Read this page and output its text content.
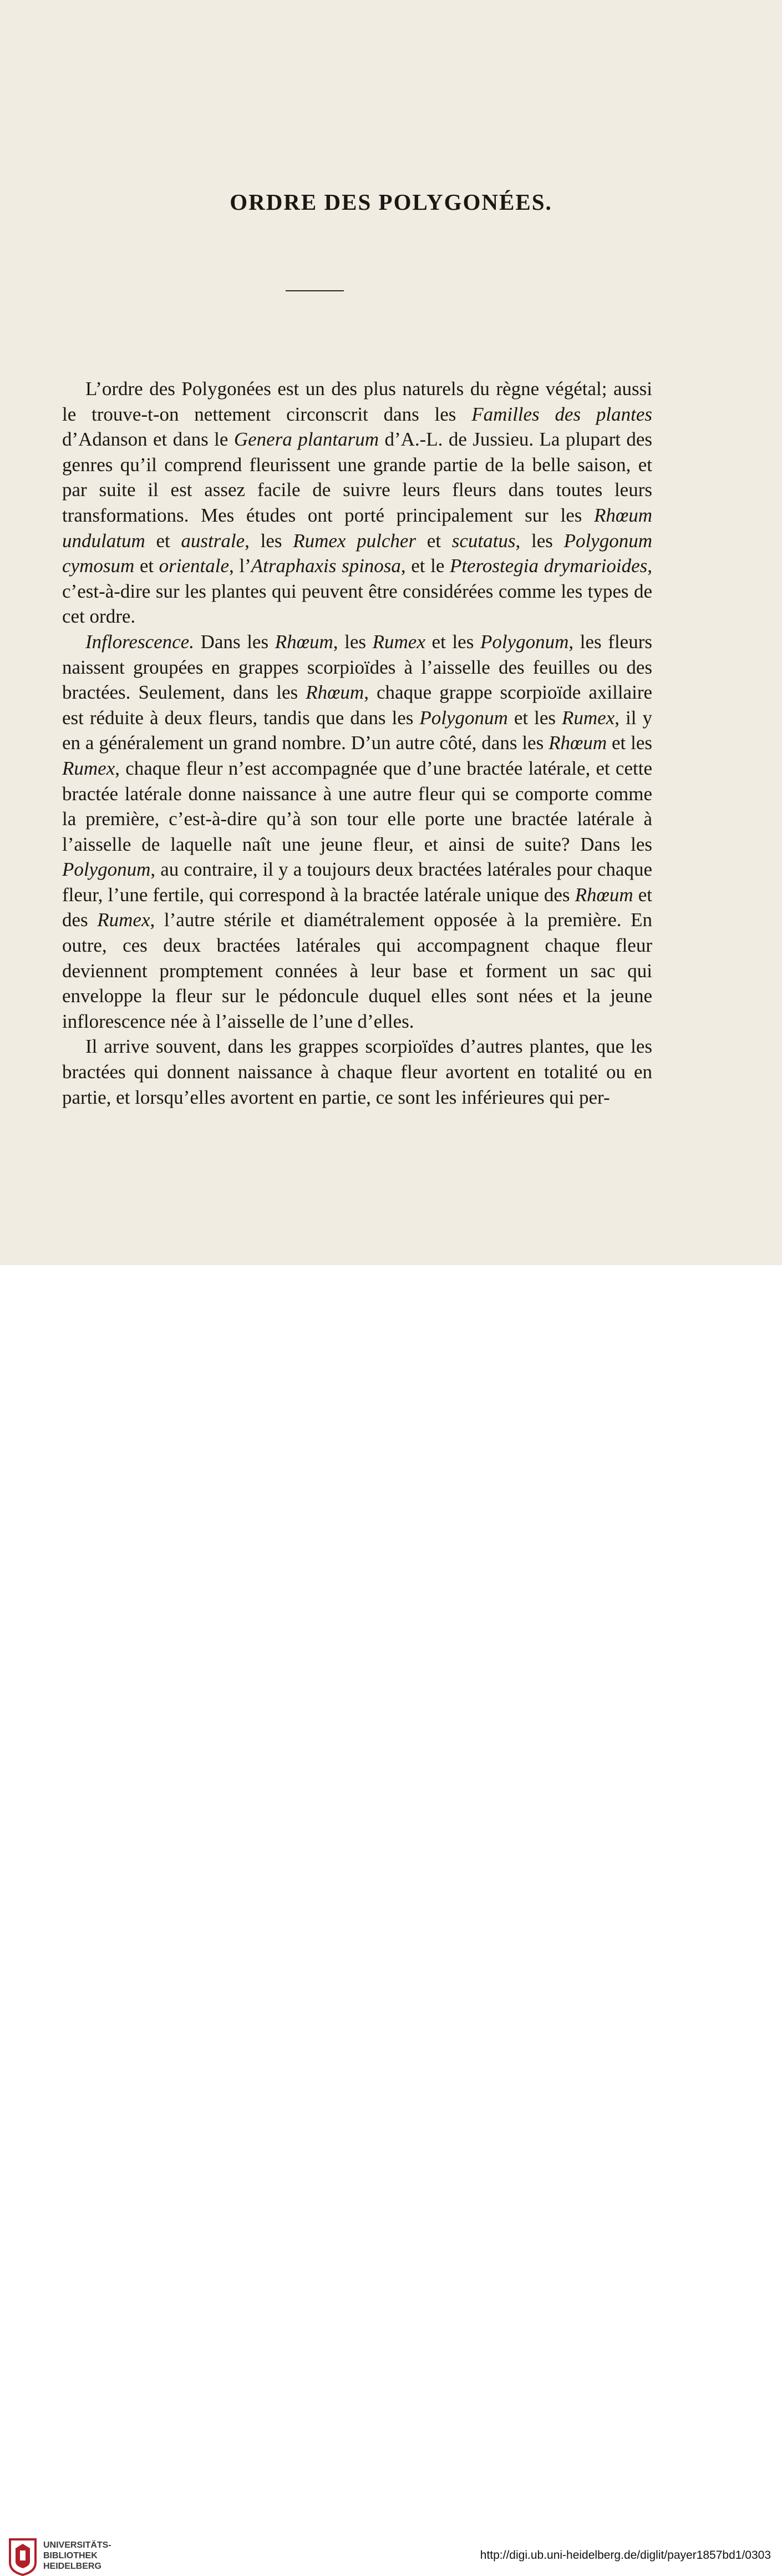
ORDRE DES POLYGONÉES.

L’ordre des Polygonées est un des plus naturels du règne végétal; aussi le trouve-t-on nettement circonscrit dans les Familles des plantes d’Adanson et dans le Genera plantarum d’A.-L. de Jussieu. La plupart des genres qu’il comprend fleurissent une grande partie de la belle saison, et par suite il est assez facile de suivre leurs fleurs dans toutes leurs transformations. Mes études ont porté principalement sur les Rhœum undulatum et australe, les Rumex pulcher et scutatus, les Polygonum cymosum et orientale, l’Atraphaxis spinosa, et le Pterostegia drymarioides, c’est-à-dire sur les plantes qui peuvent être considérées comme les types de cet ordre.

Inflorescence. Dans les Rhœum, les Rumex et les Polygonum, les fleurs naissent groupées en grappes scorpioïdes à l’aisselle des feuilles ou des bractées. Seulement, dans les Rhœum, chaque grappe scorpioïde axillaire est réduite à deux fleurs, tandis que dans les Polygonum et les Rumex, il y en a généralement un grand nombre. D’un autre côté, dans les Rhœum et les Rumex, chaque fleur n’est accompagnée que d’une bractée latérale, et cette bractée latérale donne naissance à une autre fleur qui se comporte comme la première, c’est-à-dire qu’à son tour elle porte une bractée latérale à l’aisselle de laquelle naît une jeune fleur, et ainsi de suite? Dans les Polygonum, au contraire, il y a toujours deux bractées latérales pour chaque fleur, l’une fertile, qui correspond à la bractée latérale unique des Rhœum et des Rumex, l’autre stérile et diamétralement opposée à la première. En outre, ces deux bractées latérales qui accompagnent chaque fleur deviennent promptement connées à leur base et forment un sac qui enveloppe la fleur sur le pédoncule duquel elles sont nées et la jeune inflorescence née à l’aisselle de l’une d’elles.

Il arrive souvent, dans les grappes scorpioïdes d’autres plantes, que les bractées qui donnent naissance à chaque fleur avortent en totalité ou en partie, et lorsqu’elles avortent en partie, ce sont les inférieures qui per-

UNIVERSITÄTS-
BIBLIOTHEK
HEIDELBERG
http://digi.ub.uni-heidelberg.de/diglit/payer1857bd1/0303
